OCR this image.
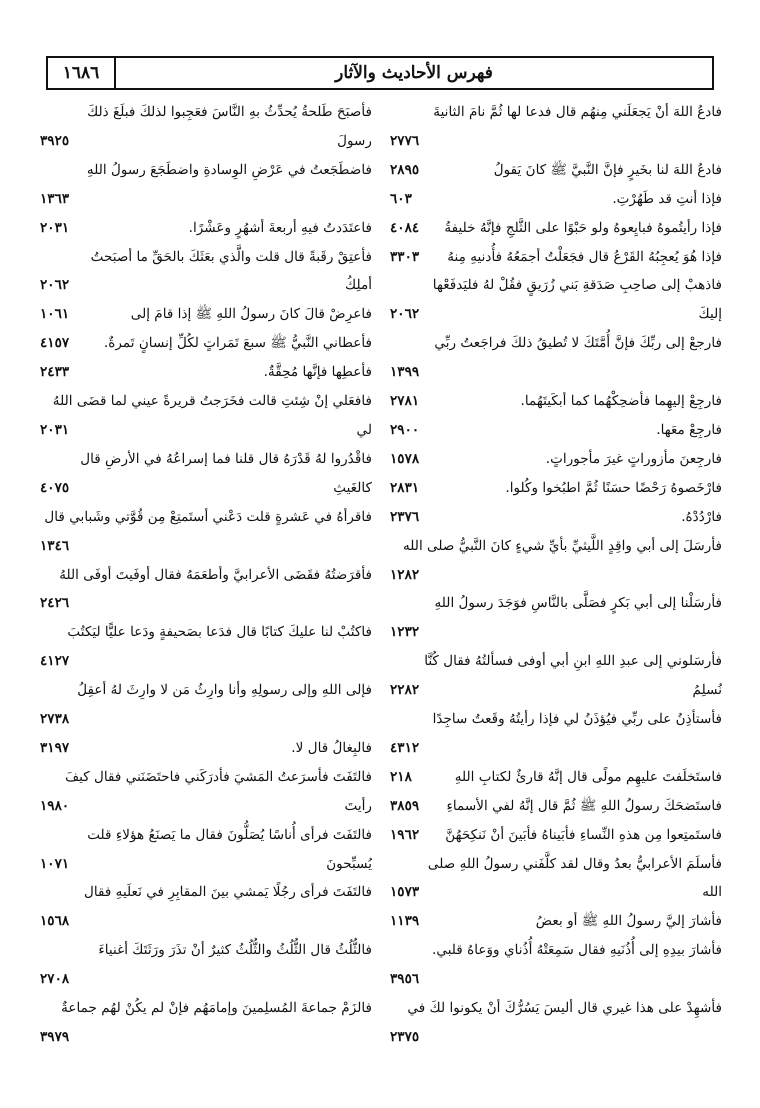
١٦٨٦	فهرس الأحاديث والآثار
فادعُ اللهَ أنْ يَجعَلَني مِنهُم قال فدعا لها ثُمَّ نامَ الثانيةَ
٢٧٧٦
٢٨٩٥	فادعُ اللهَ لنا بخَيرٍ فإنَّ النَّبيَّ ﷺ كانَ يَقولُ
٦٠٣	فإذا أنتِ قد طَهُرْتِ.
٤٠٨٤ فإذا رأيتُموهُ فبايِعوهُ ولو حَبْوًا على الثَّلجِ فإنَّهُ خليفةُ
٣٣٠٣ فإذا هُوَ يُعجِبُهُ القَرْعُ قال فجَعَلْتُ أجمَعُهُ فأُدنيهِ مِنهُ
فاذهبْ إلى صاحِبِ صَدَقةِ بَني زُرَيقٍ فقُلْ لهُ فليَدفَعْها
٢٠٦٢	إليكَ
فارجعْ إلى ربِّكَ فإنَّ أُمَّتَكَ لا تُطيقُ ذلكَ فراجَعتُ ربِّي
١٣٩٩
٢٧٨١	فارجِعْ إليهِما فأضحِكْهُما كما أبكَيتَهُما.
٢٩٠٠	فارجِعْ معَها.
١٥٧٨	فارجِعنَ مأزوراتٍ غيرَ مأجوراتٍ.
٢٨٣١	فارْخَصوهُ رَحْضًا حسَنًا ثُمَّ اطبُخوا وكُلوا.
٢٣٧٦	فارْدُدْهُ.
فأرسَلَ إلى أبي واقِدٍ اللَّيثيِّ بأيِّ شيءٍ كانَ النَّبيُّ صلى الله
١٢٨٢
فأرسَلْنا إلى أبي بَكرٍ فصَلَّى بالنَّاسِ فوَجَدَ رسولُ اللهِ
١٢٣٢
فأرسَلوني إلى عبدِ اللهِ ابنِ أبي أوفى فسألتُهُ فقال كُنَّا
٢٢٨٢	نُسلِمُ
فأستأذِنُ على ربِّي فيُؤذَنُ لي فإذا رأيتُهُ وقَعتُ ساجِدًا
٤٣١٢
٢١٨	فاستَخلَفتَ عليهِم مولًى قال إنَّهُ قارئٌ لكتابِ اللهِ
٣٨٥٩ فاستَضحَكَ رسولُ اللهِ ﷺ ثُمَّ قال إنَّهُ لفي الأسماءِ
١٩٦٢ فاستَمتِعوا مِن هذهِ النِّساءِ فأبَيناهُ فأبَينَ أنْ نَنكِحَهُنَّ
فأسلَمَ الأعرابيُّ بعدُ وقال لقد كلَّفَني رسولُ اللهِ صلى
١٥٧٣	الله
١١٣٩	فأشارَ إليَّ رسولُ اللهِ ﷺ أو بعضُ
فأشارَ بيدِهِ إلى أُذُنَيهِ فقال سَمِعَتْهُ أُذُناي ووَعاهُ قلبي.
٣٩٥٦
فأشهِدْ على هذا غيري قال أليسَ يَسُرُّكَ أنْ يكونوا لكَ في
٢٣٧٥
فأصبَحَ طَلحةُ يُحدِّثُ بهِ النَّاسَ فعَجِبوا لذلكَ فبلَغَ ذلكَ
٣٩٢٥	رسولَ
فاضطَجَعتُ في عَرْضِ الوِسادةِ واضطَجَعَ رسولُ اللهِ
١٣٦٣
٢٠٣١	فاعتَدَدتُ فيهِ أربعةَ أشهُرٍ وعَشْرًا.
فأعتِقْ رقَبةً قال قلت والَّذي بعَثَكَ بالحَقِّ ما أصبَحتُ
٢٠٦٢	أملِكُ
١٠٦١	فاعرِضْ قالَ كانَ رسولُ اللهِ ﷺ إذا قامَ إلى
٤١٥٧	فأعطاني النَّبيُّ ﷺ سبعَ تَمَراتٍ لكُلِّ إنسانٍ تَمرةٌ.
٢٤٣٣	فأعطِها فإنَّها مُحِقَّةٌ.
فافعَلي إنْ شِئتِ قالت فخَرَجتُ قريرةً عيني لما قضَى اللهُ
٢٠٣١	لي
فاقْدُروا لهُ قَدْرَهُ قال قلنا فما إسراعُهُ في الأرضِ قال
٤٠٧٥	كالغَيثِ
فاقرأهُ في عَشرةٍ قلت دَعْني أستَمتِعْ مِن قُوَّتي وشَبابي قال
١٣٤٦
فأقرَضتُهُ فقَضَى الأعرابيَّ وأطعَمَهُ فقال أوفَيتَ أوفَى اللهُ
٢٤٢٦
فاكتُبْ لنا عليكَ كتابًا قال فدَعا بصَحيفةٍ ودَعا عليًّا ليَكتُبَ
٤١٢٧
فإلى اللهِ وإلى رسولِهِ وأنا وارِثُ مَن لا وارِثَ لهُ أعقِلُ
٢٧٣٨
٣١٩٧	فالبِغالُ قال لا.
فالتَفَتَ فأسرَعتُ المَشيَ فأدرَكَني فاحتَضَنَني فقال كيفَ
١٩٨٠	رأيتَ
فالتَفَتَ فرأى أُناسًا يُصَلُّونَ فقال ما يَصنَعُ هؤلاءِ قلت
١٠٧١	يُسبِّحونَ
فالتَفَتَ فرأى رجُلًا يَمشي بينَ المقابِرِ في نَعلَيهِ فقال
١٥٦٨
فالثُّلُثُ قال الثُّلُثُ والثُّلُثُ كثيرٌ أنْ تذَرَ ورَثَتَكَ أغنياءَ
٢٧٠٨
فالزَمْ جماعةَ المُسلِمينَ وإمامَهُم فإنْ لم يكُنْ لهُم جماعةٌ
٣٩٧٩
